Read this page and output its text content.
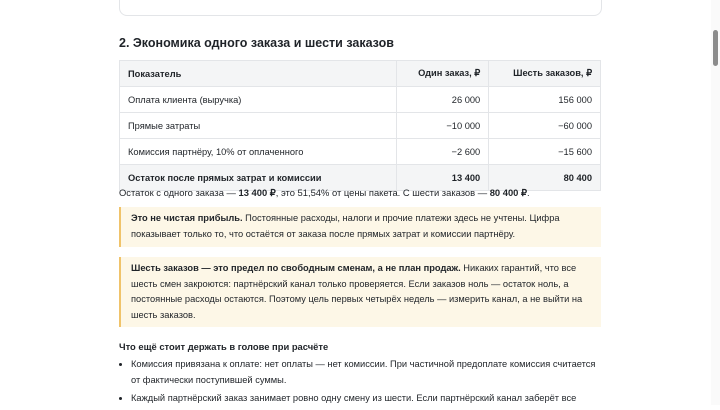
2. Экономика одного заказа и шести заказов
Показатель	Один заказ, ₽	Шесть заказов, ₽
Оплата клиента (выручка)	26 000	156 000
Прямые затраты	−10 000	−60 000
Комиссия партнёру, 10% от оплаченного	−2 600	−15 600
Остаток после прямых затрат и комиссии	13 400	80 400
Остаток с одного заказа — 13 400 ₽, это 51,54% от цены пакета. С шести заказов — 80 400 ₽.
Это не чистая прибыль. Постоянные расходы, налоги и прочие платежи здесь не учтены. Цифра показывает только то, что остаётся от заказа после прямых затрат и комиссии партнёру.
Шесть заказов — это предел по свободным сменам, а не план продаж. Никаких гарантий, что все шесть смен закроются: партнёрский канал только проверяется. Если заказов ноль — остаток ноль, а постоянные расходы остаются. Поэтому цель первых четырёх недель — измерить канал, а не выйти на шесть заказов.
Что ещё стоит держать в голове при расчёте
• Комиссия привязана к оплате: нет оплаты — нет комиссии. При частичной предоплате комиссия считается от фактически поступившей суммы.
• Каждый партнёрский заказ занимает ровно одну смену из шести. Если партнёрский канал заберёт все
